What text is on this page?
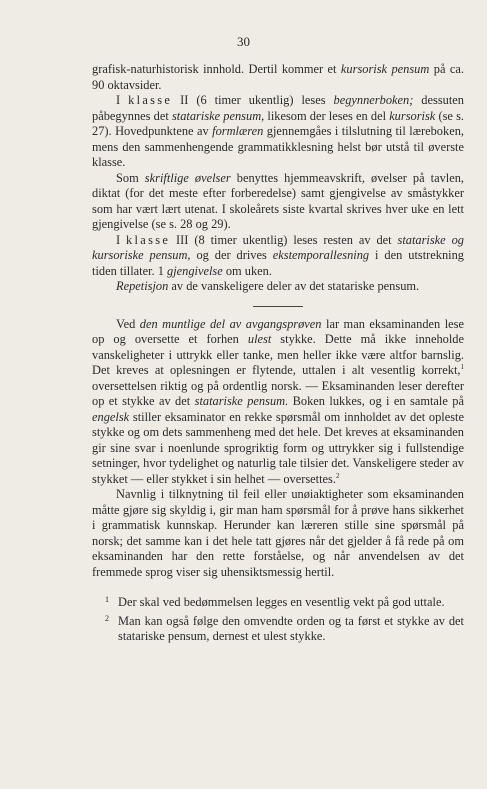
30

grafisk-naturhistorisk innhold. Dertil kommer et kursorisk pensum på ca. 90 oktavsider.

I klasse II (6 timer ukentlig) leses begynnerboken; dessuten påbegynnes det statariske pensum, likesom der leses en del kursorisk (se s. 27). Hovedpunktene av formlæren gjennemgåes i tilslutning til læreboken, mens den sammenhengende grammatikklesning helst bør utstå til øverste klasse.

Som skriftlige øvelser benyttes hjemmeavskrift, øvelser på tavlen, diktat (for det meste efter forberedelse) samt gjengivelse av småstykker som har vært lært utenat. I skoleårets siste kvartal skrives hver uke en lett gjengivelse (se s. 28 og 29).

I klasse III (8 timer ukentlig) leses resten av det statariske og kursoriske pensum, og der drives ekstemporallesning i den utstrekning tiden tillater. 1 gjengivelse om uken.

Repetisjon av de vanskeligere deler av det statariske pensum.

Ved den muntlige del av avgangsprøven lar man eksaminanden lese op og oversette et forhen ulest stykke. Dette må ikke inneholde vanskeligheter i uttrykk eller tanke, men heller ikke være altfor barnslig. Det kreves at oplesningen er flytende, uttalen i alt vesentlig korrekt,$^1$ oversettelsen riktig og på ordentlig norsk. — Eksaminanden leser derefter op et stykke av det statariske pensum. Boken lukkes, og i en samtale på engelsk stiller eksaminator en rekke spørsmål om innholdet av det opleste stykke og om dets sammenheng med det hele. Det kreves at eksaminanden gir sine svar i noenlunde sprogriktig form og uttrykker sig i fullstendige setninger, hvor tydelighet og naturlig tale tilsier det. Vanskeligere steder av stykket — eller stykket i sin helhet — oversettes.$^2$

Navnlig i tilknytning til feil eller unøiaktigheter som eksaminanden måtte gjøre sig skyldig i, gir man ham spørsmål for å prøve hans sikkerhet i grammatisk kunnskap. Herunder kan læreren stille sine spørsmål på norsk; det samme kan i det hele tatt gjøres når det gjelder å få rede på om eksaminanden har den rette forståelse, og når anvendelsen av det fremmede sprog viser sig uhensiktsmessig hertil.

1 Der skal ved bedømmelsen legges en vesentlig vekt på god uttale.

2 Man kan også følge den omvendte orden og ta først et stykke av det statariske pensum, dernest et ulest stykke.
